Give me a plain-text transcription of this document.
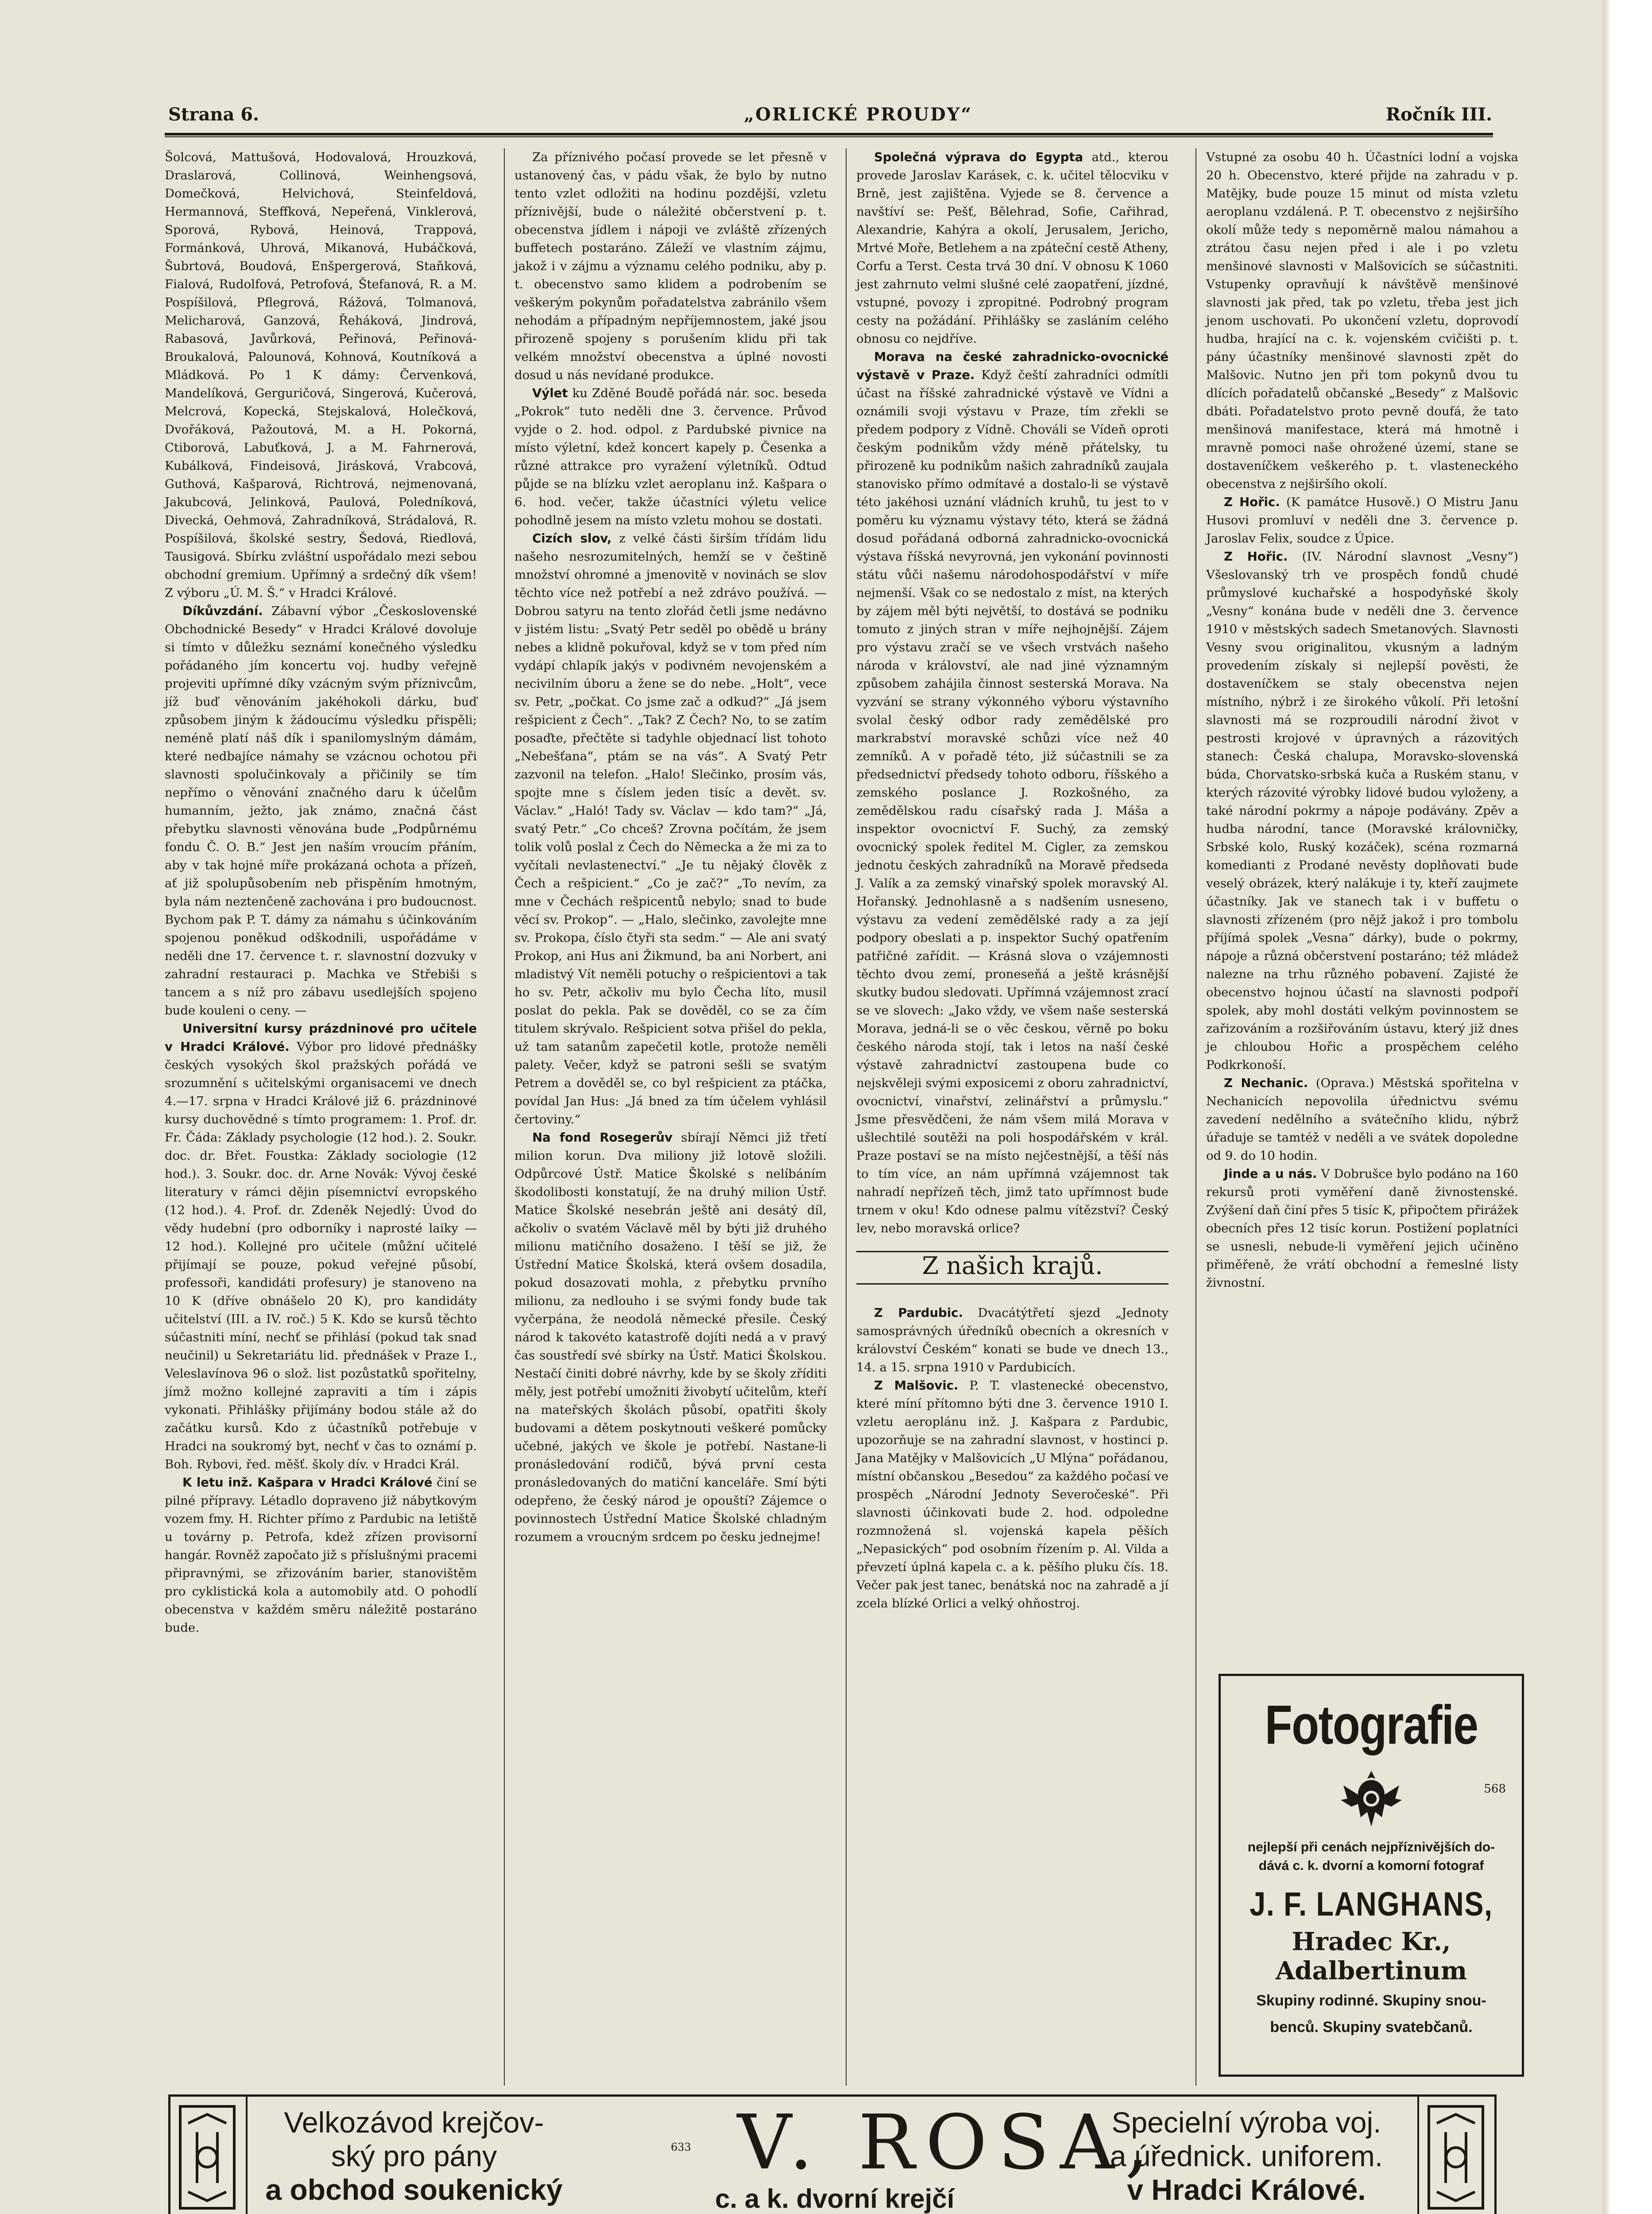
Strana 6.	„ORLICKÉ PROUDY“	Ročník III.

Šolcová, Mattušová, Hodovalová, Hrouzková, Draslarová, Collinová, Weinhengsová, Domečková, Helvichová, Steinfeldová, Hermannová, Steffková, Nepeřená, Vinklerová, Sporová, Rybová, Heinová, Trappová, Formánková, Uhrová, Mikanová, Hubáčková, Šubrtová, Boudová, Enšpergerová, Staňková, Fialová, Rudolfová, Petrofová, Štefanová, R. a M. Pospíšilová, Pflegrová, Rážová, Tolmanová, Melicharová, Ganzová, Řeháková, Jindrová, Rabasová, Javůrková, Peřinová, Peřinová-Broukalová, Palounová, Kohnová, Koutníková a Mládková. Po 1 K dámy: Červenková, Mandelíková, Gerguričová, Singerová, Kučerová, Melcrová, Kopecká, Stejskalová, Holečková, Dvořáková, Pažoutová, M. a H. Pokorná, Ctiborová, Labuťková, J. a M. Fahrnerová, Kubálková, Findeisová, Jirásková, Vrabcová, Guthová, Kašparová, Richtrová, nejmenovaná, Jakubcová, Jelinková, Paulová, Poledníková, Divecká, Oehmová, Zahradníková, Strádalová, R. Pospíšilová, školské sestry, Šedová, Riedlová, Tausigová. Sbírku zvláštní uspořádalo mezi sebou obchodní gremium. Upřímný a srdečný dík všem! Z výboru „Ú. M. Š.“ v Hradci Králové.

Díkůvzdání. Zábavní výbor „Československé Obchodnické Besedy“ v Hradci Králové dovoluje si tímto v důležku seznámí konečného výsledku pořádaného jím koncertu voj. hudby veřejně projeviti upřímné díky vzácným svým příznivcům, jíž buď věnováním jakéhokoli dárku, buď způsobem jiným k žádoucímu výsledku přispěli; neméně platí náš dík i spanilomyslným dámám, které nedbajíce námahy se vzácnou ochotou při slavnosti spolučinkovaly a přičinily se tím nepřímo o věnování značného daru k účelům humanním, ježto, jak známo, značná část přebytku slavnosti věnována bude „Podpůrnému fondu Č. O. B.“ Jest jen naším vroucím přáním, aby v tak hojné míře prokázaná ochota a přízeň, ať již spolupůsobením neb přispěním hmotným, byla nám neztenčeně zachována i pro budoucnost. Bychom pak P. T. dámy za námahu s účinkováním spojenou poněkud odškodnili, uspořádáme v neděli dne 17. července t. r. slavnostní dozvuky v zahradní restauraci p. Machka ve Střebiši s tancem a s níž pro zábavu usedlejších spojeno bude kouleni o ceny. —

Universitní kursy prázdninové pro učitele v Hradci Králové. Výbor pro lidové přednášky českých vysokých škol pražských pořádá ve srozumnění s učitelskými organisacemi ve dnech 4.—17. srpna v Hradci Králové již 6. prázdninové kursy duchovědné s tímto programem: 1. Prof. dr. Fr. Čáda: Základy psychologie (12 hod.). 2. Soukr. doc. dr. Břet. Foustka: Základy sociologie (12 hod.). 3. Soukr. doc. dr. Arne Novák: Vývoj české literatury v rámci dějin písemnictví evropského (12 hod.). 4. Prof. dr. Zdeněk Nejedlý: Úvod do vědy hudební (pro odborníky i naprosté laiky — 12 hod.). Kollejné pro učitele (můžní učitelé přijímají se pouze, pokud veřejné působí, professoři, kandidáti profesury) je stanoveno na 10 K (dříve obnášelo 20 K), pro kandidáty učitelství (III. a IV. roč.) 5 K. Kdo se kursů těchto súčastniti míní, nechť se přihlásí (pokud tak snad neučinil) u Sekretariátu lid. přednášek v Praze I., Veleslavínova 96 o slož. list pozůstatků spořitelny, jímž možno kollejné zapraviti a tím i zápis vykonati. Přihlášky přijímány bodou stále až do začátku kursů. Kdo z účastníků potřebuje v Hradci na soukromý byt, nechť v čas to oznámí p. Boh. Rybovi, řed. měšť. školy dív. v Hradci Král.

K letu inž. Kašpara v Hradci Králové činí se pilné přípravy. Létadlo dopraveno již nábytkovým vozem fmy. H. Richter přímo z Pardubic na letiště u továrny p. Petrofa, kdež zřízen provisorní hangár. Rovněž započato již s příslušnými pracemi připravnými, se zřizováním barier, stanovištěm pro cyklistická kola a automobily atd. O pohodlí obecenstva v každém směru náležitě postaráno bude.

Za příznivého počasí provede se let přesně v ustanovený čas, v pádu však, že bylo by nutno tento vzlet odložiti na hodinu pozdější, vzletu příznivější, bude o náležité občerstvení p. t. obecenstva jídlem i nápoji ve zvláště zřízených buffetech postaráno. Záleží ve vlastním zájmu, jakož i v zájmu a významu celého podniku, aby p. t. obecenstvo samo klidem a podrobením se veškerým pokynům pořadatelstva zabránilo všem nehodám a případným nepříjemnostem, jaké jsou přirozeně spojeny s porušením klidu při tak velkém množství obecenstva a úplné novosti dosud u nás nevídané produkce.

Výlet ku Zděné Boudě pořádá nár. soc. beseda „Pokrok“ tuto neděli dne 3. července. Průvod vyjde o 2. hod. odpol. z Pardubské pivnice na místo výletní, kdež koncert kapely p. Česenka a různé attrakce pro vyražení výletníků. Odtud půjde se na blízku vzlet aeroplanu inž. Kašpara o 6. hod. večer, takže účastníci výletu velice pohodlně jesem na místo vzletu mohou se dostati.

Cizích slov, z velké části širším třídám lidu našeho nesrozumitelných, hemží se v češtině množství ohromné a jmenovitě v novinách se slov těchto více než potřebí a než zdrávo používá. — Dobrou satyru na tento zlořád četli jsme nedávno v jistém listu: „Svatý Petr seděl po obědě u brány nebes a klidně pokuřoval, když se v tom před ním vydápí chlapík jakýs v podivném nevojenském a necivilním úboru a žene se do nebe. „Holt“, vece sv. Petr, „počkat. Co jsme zač a odkud?“ „Já jsem rešpicient z Čech“. „Tak? Z Čech? No, to se zatím posaďte, přečtěte si tadyhle objednací list tohoto „Nebešťana“, ptám se na vás“. A Svatý Petr zazvonil na telefon. „Halo! Slečinko, prosím vás, spojte mne s číslem jeden tisíc a devět. sv. Václav.“ „Haló! Tady sv. Václav — kdo tam?“ „Já, svatý Petr.“ „Co chceš? Zrovna počítám, že jsem tolik volů poslal z Čech do Německa a že mi za to vyčítali nevlastenectví.“ „Je tu nějaký člověk z Čech a rešpicient.“ „Co je zač?“ „To nevím, za mne v Čechách rešpicentů nebylo; snad to bude věcí sv. Prokop“. — „Halo, slečinko, zavolejte mne sv. Prokopa, číslo čtyři sta sedm.“ — Ale ani svatý Prokop, ani Hus ani Žikmund, ba ani Norbert, ani mladistvý Vít neměli potuchy o rešpicientovi a tak ho sv. Petr, ačkoliv mu bylo Čecha líto, musil poslat do pekla. Pak se dověděl, co se za čím titulem skrývalo. Rešpicient sotva přišel do pekla, už tam satanům zapečetil kotle, protože neměli palety. Večer, když se patroni sešli se svatým Petrem a dověděl se, co byl rešpicient za ptáčka, povídal Jan Hus: „Já bned za tím účelem vyhlásil čertoviny.“

Na fond Rosegerův sbírají Němci již třetí milion korun. Dva miliony již lotově složili. Odpůrcové Ústř. Matice Školské s nelíbáním škodolibosti konstatují, že na druhý milion Ústř. Matice Školské nesebrán ještě ani desátý díl, ačkoliv o svatém Václavě měl by býti již druhého milionu matičního dosaženo. I těší se již, že Ústřední Matice Školská, která ovšem dosadila, pokud dosazovati mohla, z přebytku prvního milionu, za nedlouho i se svými fondy bude tak vyčerpána, že neodolá německé přesile. Český národ k takovéto katastrofě dojíti nedá a v pravý čas soustředí své sbírky na Ústř. Matici Školskou. Nestačí činiti dobré návrhy, kde by se školy zříditi měly, jest potřebí umožniti živobytí učitelům, kteří na mateřských školách působí, opatřiti školy budovami a dětem poskytnouti veškeré pomůcky učebné, jakých ve škole je potřebí. Nastane-li pronásledování rodičů, bývá první cesta pronásledovaných do matiční kanceláře. Smí býti odepřeno, že český národ je opouští? Zájemce o povinnostech Ústřední Matice Školské chladným rozumem a vroucným srdcem po česku jednejme!

Společná výprava do Egypta atd., kterou provede Jaroslav Karásek, c. k. učitel tělocviku v Brně, jest zajištěna. Vyjede se 8. července a navštíví se: Pešť, Bělehrad, Sofie, Cařihrad, Alexandrie, Kahýra a okolí, Jerusalem, Jericho, Mrtvé Moře, Betlehem a na zpáteční cestě Atheny, Corfu a Terst. Cesta trvá 30 dní. V obnosu K 1060 jest zahrnuto velmi slušné celé zaopatření, jízdné, vstupné, povozy i zpropitné. Podrobný program cesty na požádání. Přihlášky se zasláním celého obnosu co nejdříve.

Morava na české zahradnicko-ovocnické výstavě v Praze. Když čeští zahradníci odmítli účast na říšské zahradnické výstavě ve Vídni a oznámili svoji výstavu v Praze, tím zřekli se předem podpory z Vídně. Chováli se Vídeň oproti českým podnikům vždy méně přátelsky, tu přirozeně ku podnikům našich zahradníků zaujala stanovisko přímo odmítavé a dostalo-li se výstavě této jakéhosi uznání vládních kruhů, tu jest to v poměru ku významu výstavy této, která se žádná dosud pořádaná odborná zahradnicko-ovocnická výstava říšská nevyrovná, jen vykonání povinnosti státu vůči našemu národohospodářství v míře nejmenší. Však co se nedostalo z míst, na kterých by zájem měl býti největší, to dostává se podniku tomuto z jiných stran v míře nejhojnější. Zájem pro výstavu zračí se ve všech vrstvách našeho národa v království, ale nad jiné významným způsobem zahájila činnost sesterská Morava. Na vyzvání se strany výkonného výboru výstavního svolal český odbor rady zemědělské pro markrabství moravské schůzi více než 40 zemníků. A v pořadě této, již súčastnili se za předsednictví předsedy tohoto odboru, říšského a zemského poslance J. Rozkošného, za zemědělskou radu císařský rada J. Máša a inspektor ovocnictví F. Suchý, za zemský ovocnický spolek ředitel M. Cigler, za zemskou jednotu českých zahradníků na Moravě předseda J. Valík a za zemský vinařský spolek moravský Al. Hořanský. Jednohlasně a s nadšením usneseno, výstavu za vedení zemědělské rady a za její podpory obeslati a p. inspektor Suchý opatřením patřičné zařídit. — Krásná slova o vzájemnosti těchto dvou zemí, proneseňá a ještě krásnější skutky budou sledovati. Upřímná vzájemnost zrací se ve slovech: „Jako vždy, ve všem naše sesterská Morava, jedná-li se o věc českou, věrně po boku českého národa stojí, tak i letos na naší české výstavě zahradnictví zastoupena bude co nejskvěleji svými exposicemi z oboru zahradnictví, ovocnictví, vinařství, zelinářství a průmyslu.“ Jsme přesvědčeni, že nám všem milá Morava v ušlechtilé soutěži na poli hospodářském v král. Praze postaví se na místo nejčestnější, a těší nás to tím více, an nám upřímná vzájemnost tak nahradí nepřízeň těch, jimž tato upřímnost bude trnem v oku! Kdo odnese palmu vítězství? Český lev, nebo moravská orlice?

Z Pardubic. Dvacátýtřetí sjezd „Jednoty samosprávných úředníků obecních a okresních v království Českém“ konati se bude ve dnech 13., 14. a 15. srpna 1910 v Pardubicích.

Z Malšovic. P. T. vlastenecké obecenstvo, které míní přítomno býti dne 3. července 1910 I. vzletu aeroplánu inž. J. Kašpara z Pardubic, upozorňuje se na zahradní slavnost, v hostinci p. Jana Matějky v Malšovicích „U Mlýna“ pořádanou, místní občanskou „Besedou“ za každého počasí ve prospěch „Národní Jednoty Severočeské“. Při slavnosti účinkovati bude 2. hod. odpoledne rozmnožená sl. vojenská kapela pěších „Nepasických“ pod osobním řízením p. Al. Vilda a převzetí úplná kapela c. a k. pěšího pluku čís. 18. Večer pak jest tanec, benátská noc na zahradě a jí zcela blízké Orlici a velký ohňostroj.

Vstupné za osobu 40 h. Účastníci lodní a vojska 20 h. Obecenstvo, které přijde na zahradu v p. Matějky, bude pouze 15 minut od místa vzletu aeroplanu vzdálená. P. T. obecenstvo z nejširšího okolí může tedy s nepoměrně malou námahou a ztrátou času nejen před i ale i po vzletu menšinové slavnosti v Malšovicích se súčastniti. Vstupenky opravňují k návštěvě menšinové slavnosti jak před, tak po vzletu, třeba jest jich jenom uschovati. Po ukončení vzletu, doprovodí hudba, hrající na c. k. vojenském cvičišti p. t. pány účastníky menšinové slavnosti zpět do Malšovic. Nutno jen při tom pokynů dvou tu dlících pořadatelů občanské „Besedy“ z Malšovic dbáti. Pořadatelstvo proto pevně doufá, že tato menšinová manifestace, která má hmotně i mravně pomoci naše ohrožené území, stane se dostaveníčkem veškerého p. t. vlasteneckého obecenstva z nejširšího okolí.

Z Hořic. (K památce Husově.) O Mistru Janu Husovi promluví v neděli dne 3. července p. Jaroslav Felix, soudce z Úpice.

Z Hořic. (IV. Národní slavnost „Vesny“) Všeslovanský trh ve prospěch fondů chudé průmyslové kuchařské a hospodyňské školy „Vesny“ konána bude v neděli dne 3. července 1910 v městských sadech Smetanových. Slavnosti Vesny svou originalitou, vkusným a ladným provedením získaly si nejlepší pověsti, že dostaveníčkem se staly obecenstva nejen místního, nýbrž i ze širokého vůkolí. Při letošní slavnosti má se rozproudili národní život v pestrosti krojové v úpravných a rázovitých stanech: Česká chalupa, Moravsko-slovenská búda, Chorvatsko-srbská kuča a Ruském stanu, v kterých rázovité výrobky lidové budou vyloženy, a také národní pokrmy a nápoje podávány. Zpěv a hudba národní, tance (Moravské královničky, Srbské kolo, Ruský kozáček), scéna rozmarná komedianti z Prodané nevěsty doplňovati bude veselý obrázek, který nalákuje i ty, kteří zaujmete účastníky. Jak ve stanech tak i v buffetu o slavnosti zřízeném (pro nějž jakož i pro tombolu příjímá spolek „Vesna“ dárky), bude o pokrmy, nápoje a různá občerstvení postaráno; též mládež nalezne na trhu různého pobavení. Zajisté že obecenstvo hojnou účastí na slavnosti podpoří spolek, aby mohl dostáti velkým povinnostem se zařizováním a rozšiřováním ústavu, který již dnes je chloubou Hořic a prospěchem celého Podkrkonoší.

Z Nechanic. (Oprava.) Městská spořitelna v Nechanicích nepovolila úřednictvu svému zavedení nedělního a svátečního klidu, nýbrž úřaduje se tamtéž v neděli a ve svátek dopoledne od 9. do 10 hodin.

Jinde a u nás. V Dobrušce bylo podáno na 160 rekursů proti vyměření daně živnostenské. Zvýšení daň činí přes 5 tisíc K, připočtem přirážek obecních přes 12 tisíc korun. Postižení poplatníci se usnesli, nebude-li vyměření jejich učiněno přiměřeně, že vrátí obchodní a řemeslné listy živnostní.

Fotografie
568
nejlepší při cenách nejpříznivějších do-
dává c. k. dvorní a komorní fotograf
J. F. LANGHANS,
Hradec Kr., Adalbertinum
Skupiny rodinné. Skupiny snou-
benců. Skupiny svatebčanů.
Z našich krajů.
Velkozávod krejčov-
ský pro pány
a obchod soukenický
633 V. ROSA,
c. a k. dvorní krejčí
Specielní výroba voj.
a úřednick. uniforem.
v Hradci Králové.
